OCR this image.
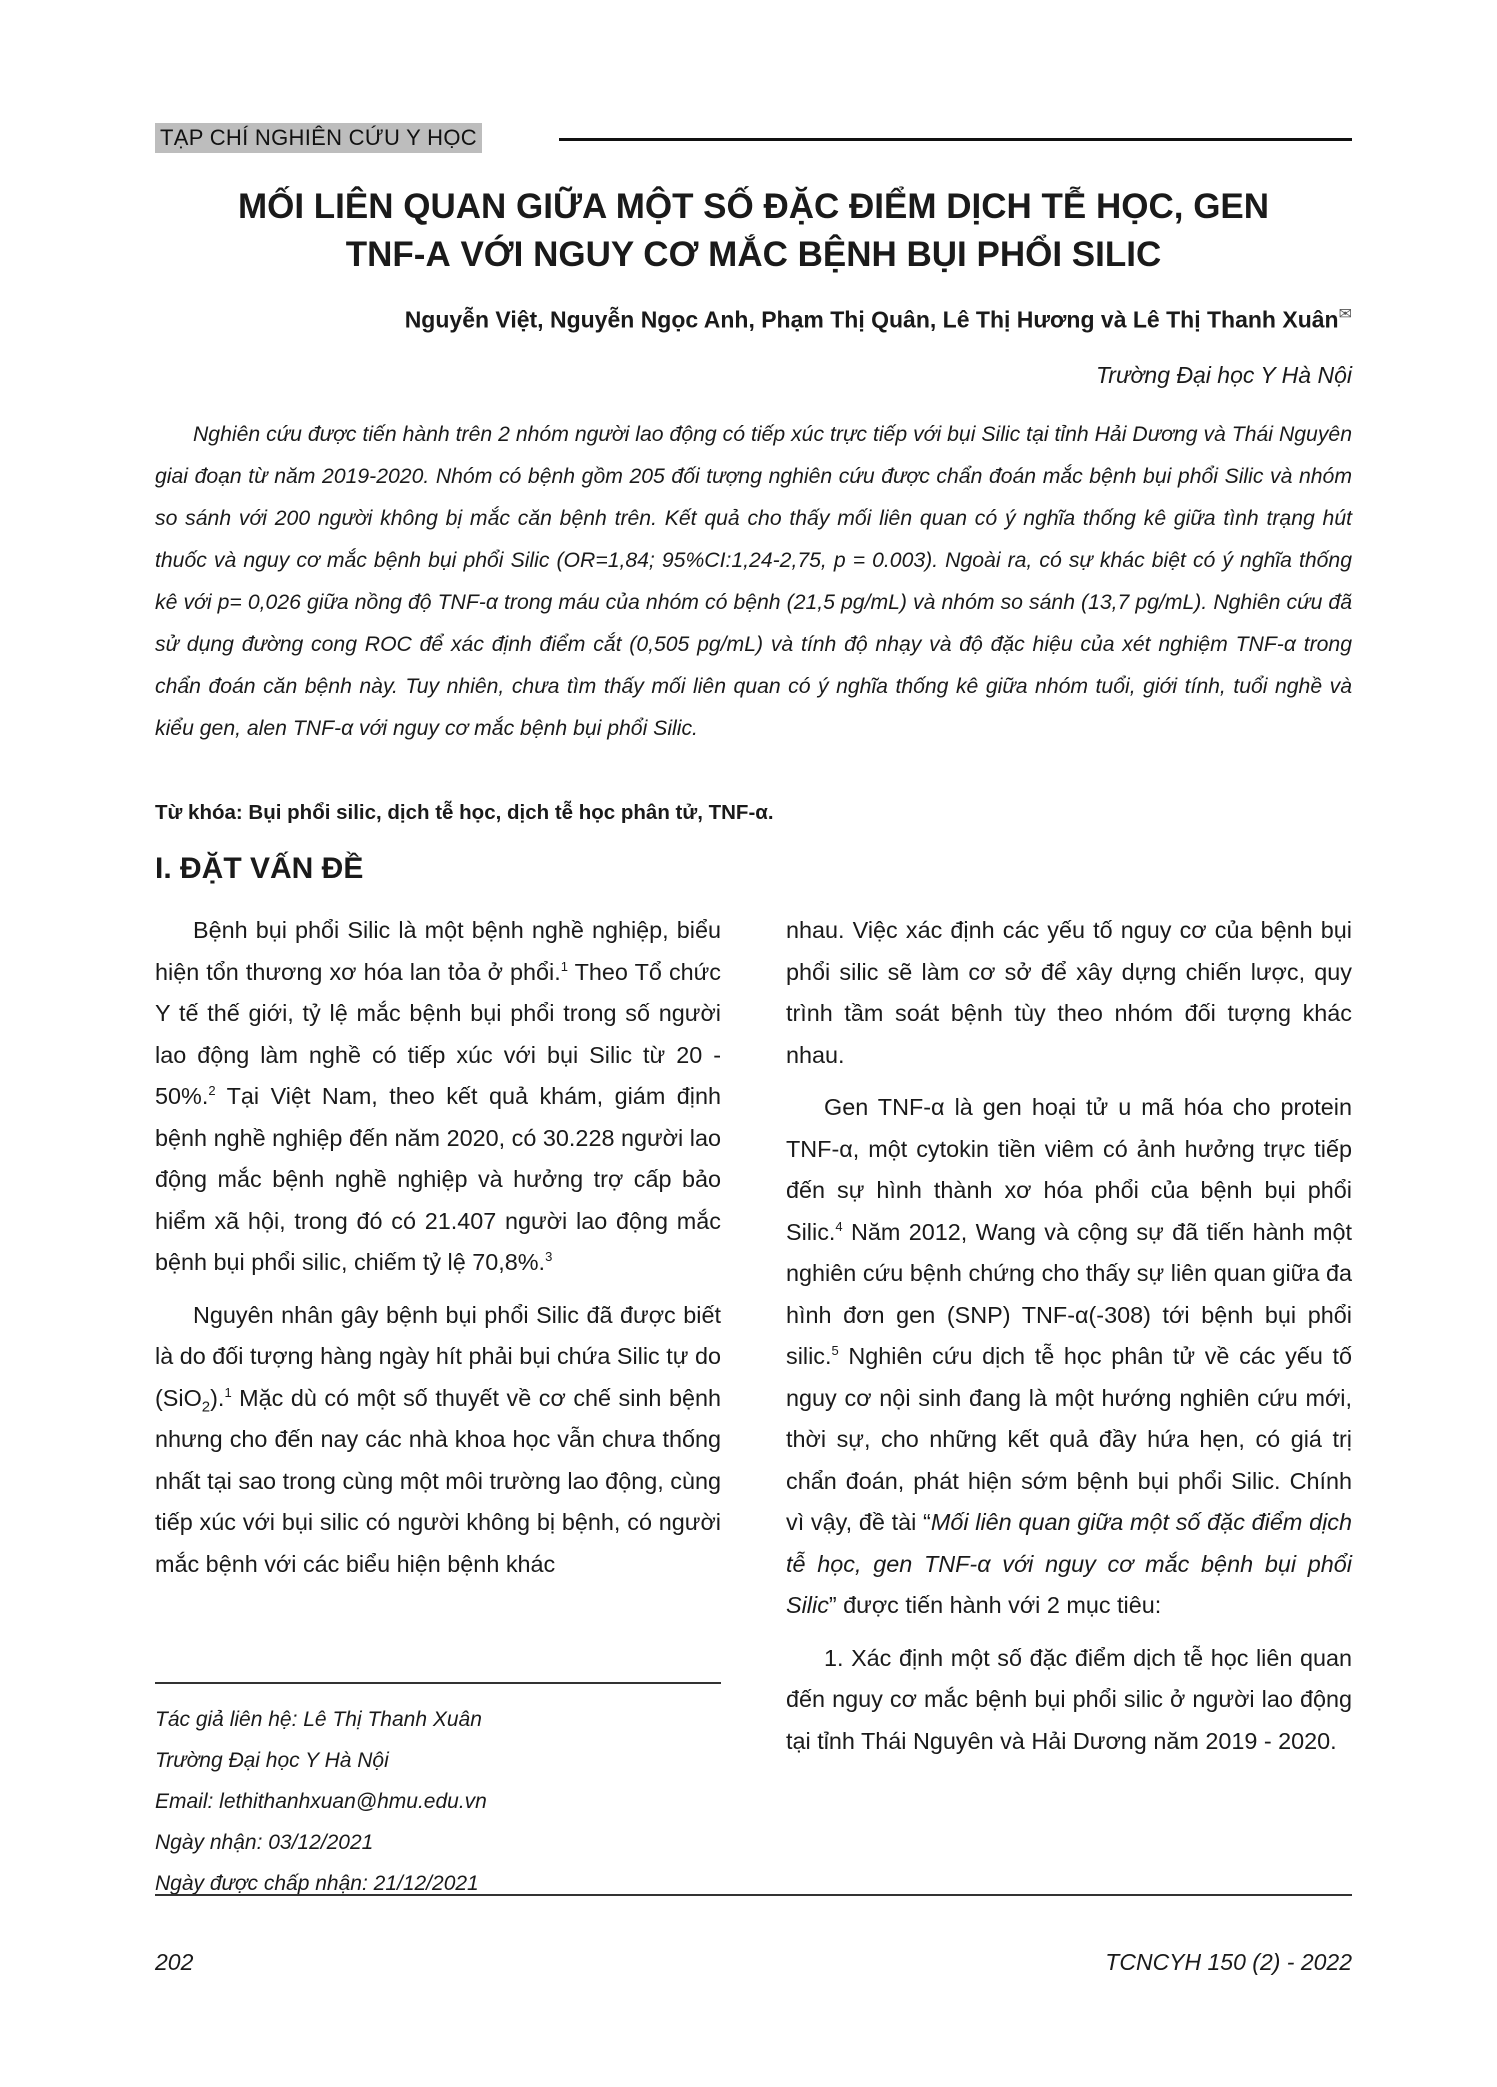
TẠP CHÍ NGHIÊN CỨU Y HỌC
MỐI LIÊN QUAN GIỮA MỘT SỐ ĐẶC ĐIỂM DỊCH TỄ HỌC, GEN
TNF-Α VỚI NGUY CƠ MẮC BỆNH BỤI PHỔI SILIC
Nguyễn Việt, Nguyễn Ngọc Anh, Phạm Thị Quân, Lê Thị Hương và Lê Thị Thanh Xuân✉
Trường Đại học Y Hà Nội

Nghiên cứu được tiến hành trên 2 nhóm người lao động có tiếp xúc trực tiếp với bụi Silic tại tỉnh Hải Dương và Thái Nguyên giai đoạn từ năm 2019-2020. Nhóm có bệnh gồm 205 đối tượng nghiên cứu được chẩn đoán mắc bệnh bụi phổi Silic và nhóm so sánh với 200 người không bị mắc căn bệnh trên. Kết quả cho thấy mối liên quan có ý nghĩa thống kê giữa tình trạng hút thuốc và nguy cơ mắc bệnh bụi phổi Silic (OR=1,84; 95%CI:1,24-2,75, p = 0.003). Ngoài ra, có sự khác biệt có ý nghĩa thống kê với p= 0,026 giữa nồng độ TNF-α trong máu của nhóm có bệnh (21,5 pg/mL) và nhóm so sánh (13,7 pg/mL). Nghiên cứu đã sử dụng đường cong ROC để xác định điểm cắt (0,505 pg/mL) và tính độ nhạy và độ đặc hiệu của xét nghiệm TNF-α trong chẩn đoán căn bệnh này. Tuy nhiên, chưa tìm thấy mối liên quan có ý nghĩa thống kê giữa nhóm tuổi, giới tính, tuổi nghề và kiểu gen, alen TNF-α với nguy cơ mắc bệnh bụi phổi Silic.

Từ khóa: Bụi phổi silic, dịch tễ học, dịch tễ học phân tử, TNF-α.
I. ĐẶT VẤN ĐỀ

Bệnh bụi phổi Silic là một bệnh nghề nghiệp, biểu hiện tổn thương xơ hóa lan tỏa ở phổi.$^1$ Theo Tổ chức Y tế thế giới, tỷ lệ mắc bệnh bụi phổi trong số người lao động làm nghề có tiếp xúc với bụi Silic từ 20 - 50%.$^2$ Tại Việt Nam, theo kết quả khám, giám định bệnh nghề nghiệp đến năm 2020, có 30.228 người lao động mắc bệnh nghề nghiệp và hưởng trợ cấp bảo hiểm xã hội, trong đó có 21.407 người lao động mắc bệnh bụi phổi silic, chiếm tỷ lệ 70,8%.$^3$

Nguyên nhân gây bệnh bụi phổi Silic đã được biết là do đối tượng hàng ngày hít phải bụi chứa Silic tự do (SiO$_2$).$^1$ Mặc dù có một số thuyết về cơ chế sinh bệnh nhưng cho đến nay các nhà khoa học vẫn chưa thống nhất tại sao trong cùng một môi trường lao động, cùng tiếp xúc với bụi silic có người không bị bệnh, có người mắc bệnh với các biểu hiện bệnh khác

nhau. Việc xác định các yếu tố nguy cơ của bệnh bụi phổi silic sẽ làm cơ sở để xây dựng chiến lược, quy trình tầm soát bệnh tùy theo nhóm đối tượng khác nhau.

Gen TNF-α là gen hoại tử u mã hóa cho protein TNF-α, một cytokin tiền viêm có ảnh hưởng trực tiếp đến sự hình thành xơ hóa phổi của bệnh bụi phổi Silic.$^4$ Năm 2012, Wang và cộng sự đã tiến hành một nghiên cứu bệnh chứng cho thấy sự liên quan giữa đa hình đơn gen (SNP) TNF-α(-308) tới bệnh bụi phổi silic.$^5$ Nghiên cứu dịch tễ học phân tử về các yếu tố nguy cơ nội sinh đang là một hướng nghiên cứu mới, thời sự, cho những kết quả đầy hứa hẹn, có giá trị chẩn đoán, phát hiện sớm bệnh bụi phổi Silic. Chính vì vậy, đề tài “Mối liên quan giữa một số đặc điểm dịch tễ học, gen TNF-α với nguy cơ mắc bệnh bụi phổi Silic” được tiến hành với 2 mục tiêu:

1. Xác định một số đặc điểm dịch tễ học liên quan đến nguy cơ mắc bệnh bụi phổi silic ở người lao động tại tỉnh Thái Nguyên và Hải Dương năm 2019 - 2020.

Tác giả liên hệ: Lê Thị Thanh Xuân
Trường Đại học Y Hà Nội
Email: lethithanhxuan@hmu.edu.vn
Ngày nhận: 03/12/2021
Ngày được chấp nhận: 21/12/2021
202	TCNCYH 150 (2) - 2022
